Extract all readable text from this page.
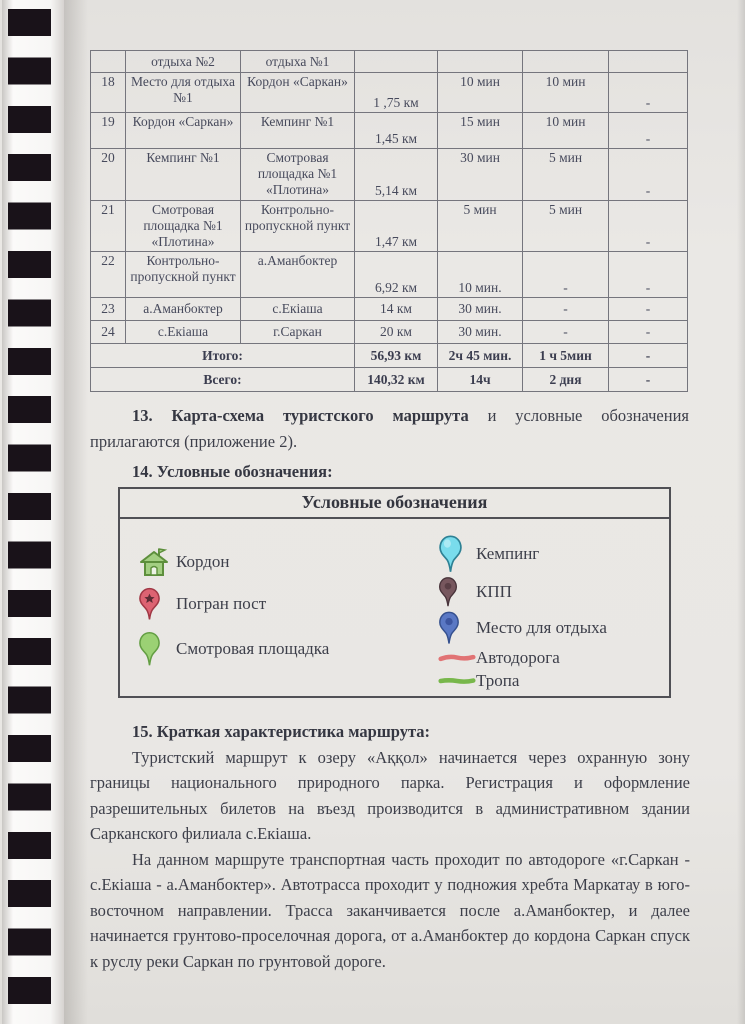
	отдыха №2	отдыха №1				
18	Место для отдыха №1	Кордон «Саркан»	1 ,75 км	10 мин	10 мин	-
19	Кордон «Саркан»	Кемпинг №1	1,45 км	15 мин	10 мин	-
20	Кемпинг №1	Смотровая площадка №1 «Плотина»	5,14 км	30 мин	5 мин	-
21	Смотровая площадка №1 «Плотина»	Контрольно-пропускной пункт	1,47 км	5 мин	5 мин	-
22	Контрольно-пропускной пункт	а.Аманбоктер	6,92 км	10 мин.	-	-
23	а.Аманбоктер	с.Екіаша	14 км	30 мин.	-	-
24	с.Екіаша	г.Саркан	20 км	30 мин.	-	-
Итого:			56,93 км	2ч 45 мин.	1 ч 5мин	-
Всего:			140,32 км	14ч	2 дня	-
13. Карта-схема туристского маршрута и условные обозначения прилагаются (приложение 2).
14. Условные обозначения:
Условные обозначения
Кордон
Погран пост
Смотровая площадка
Кемпинг
КПП
Место для отдыха
Автодорога
Тропа
15. Краткая характеристика маршрута:

Туристский маршрут к озеру «Аққол» начинается через охранную зону границы национального природного парка. Регистрация и оформление разрешительных билетов на въезд производится в административном здании Сарканского филиала с.Екіаша.

На данном маршруте транспортная часть проходит по автодороге «г.Саркан - с.Екіаша - а.Аманбоктер». Автотрасса проходит у подножия хребта Маркатау в юго-восточном направлении. Трасса заканчивается после а.Аманбоктер, и далее начинается грунтово-проселочная дорога, от а.Аманбоктер до кордона Саркан спуск к руслу реки Саркан по грунтовой дороге.
